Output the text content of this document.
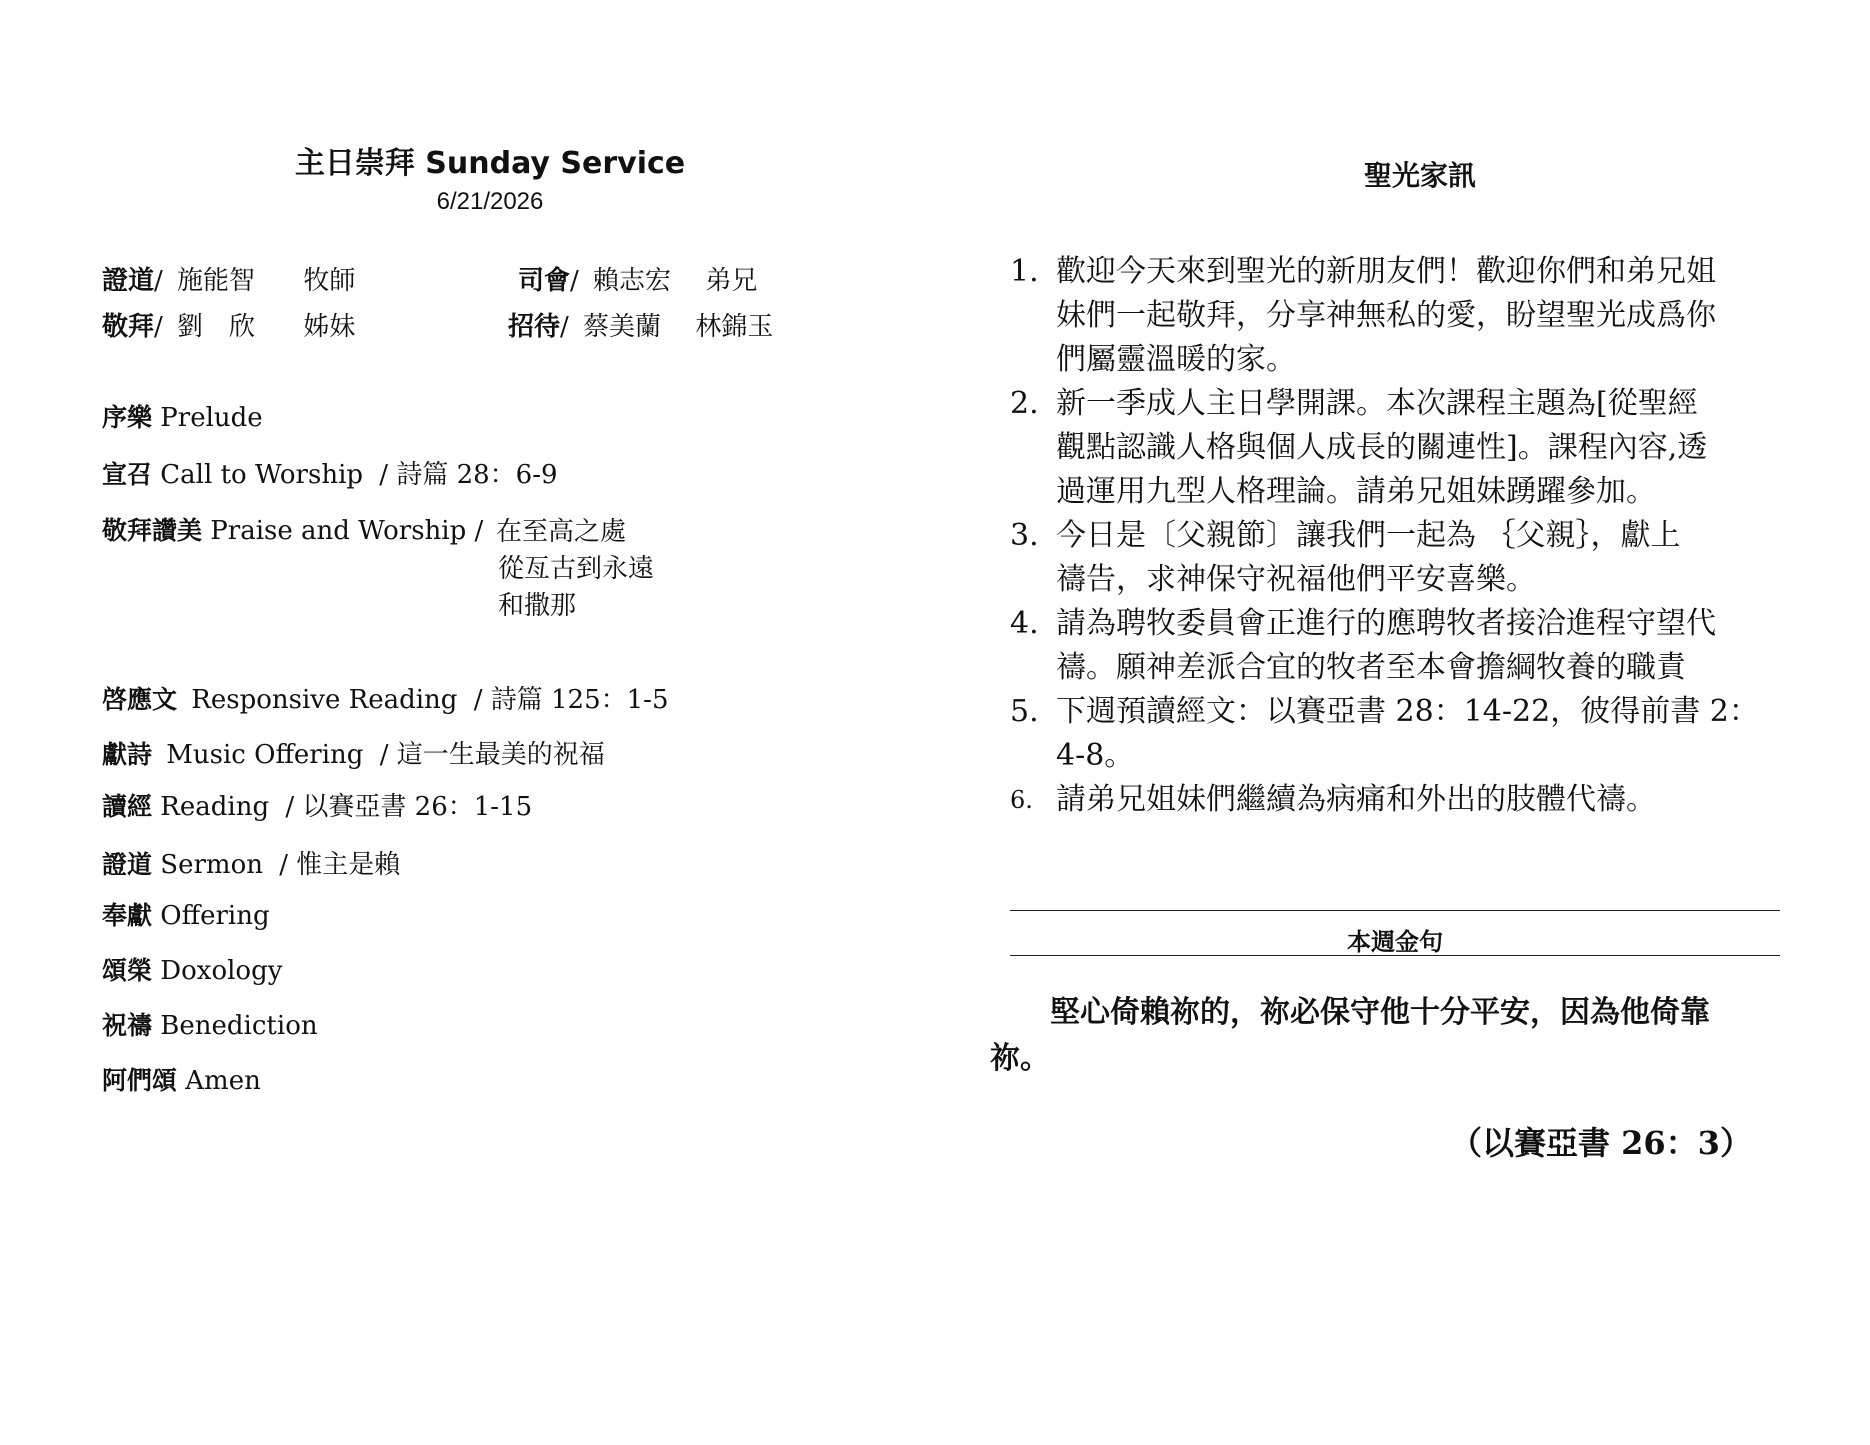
主日崇拜 Sunday Service
6/21/2026
證道/ 施能智 牧師	司會/ 賴志宏 弟兄
敬拜/ 劉　欣 姊妹	招待/ 蔡美蘭 林錦玉
序樂 Prelude
宣召 Call to Worship / 詩篇 28：6-9
敬拜讚美 Praise and Worship / 在至高之處
從亙古到永遠
和撒那
啓應文 Responsive Reading / 詩篇 125：1-5
獻詩 Music Offering / 這一生最美的祝福
讀經 Reading / 以賽亞書 26：1-15
證道 Sermon / 惟主是賴
奉獻 Offering
頌榮 Doxology
祝禱 Benediction
阿們頌 Amen
聖光家訊
1. 歡迎今天來到聖光的新朋友們！歡迎你們和弟兄姐
妹們一起敬拜，分享神無私的愛，盼望聖光成爲你
們屬靈溫暖的家。
2. 新一季成人主日學開課。本次課程主題為[從聖經
觀點認識人格與個人成長的關連性]。課程內容,透
過運用九型人格理論。請弟兄姐妹踴躍參加。
3. 今日是〔父親節〕讓我們一起為 ｛父親｝，獻上
禱告，求神保守祝福他們平安喜樂。
4. 請為聘牧委員會正進行的應聘牧者接洽進程守望代
禱。願神差派合宜的牧者至本會擔綱牧養的職責
5. 下週預讀經文：以賽亞書 28：14-22，彼得前書 2：
4-8。
6. 請弟兄姐妹們繼續為病痛和外出的肢體代禱。
本週金句
堅心倚賴祢的，祢必保守他十分平安，因為他倚靠
祢。
（以賽亞書 26：3）
